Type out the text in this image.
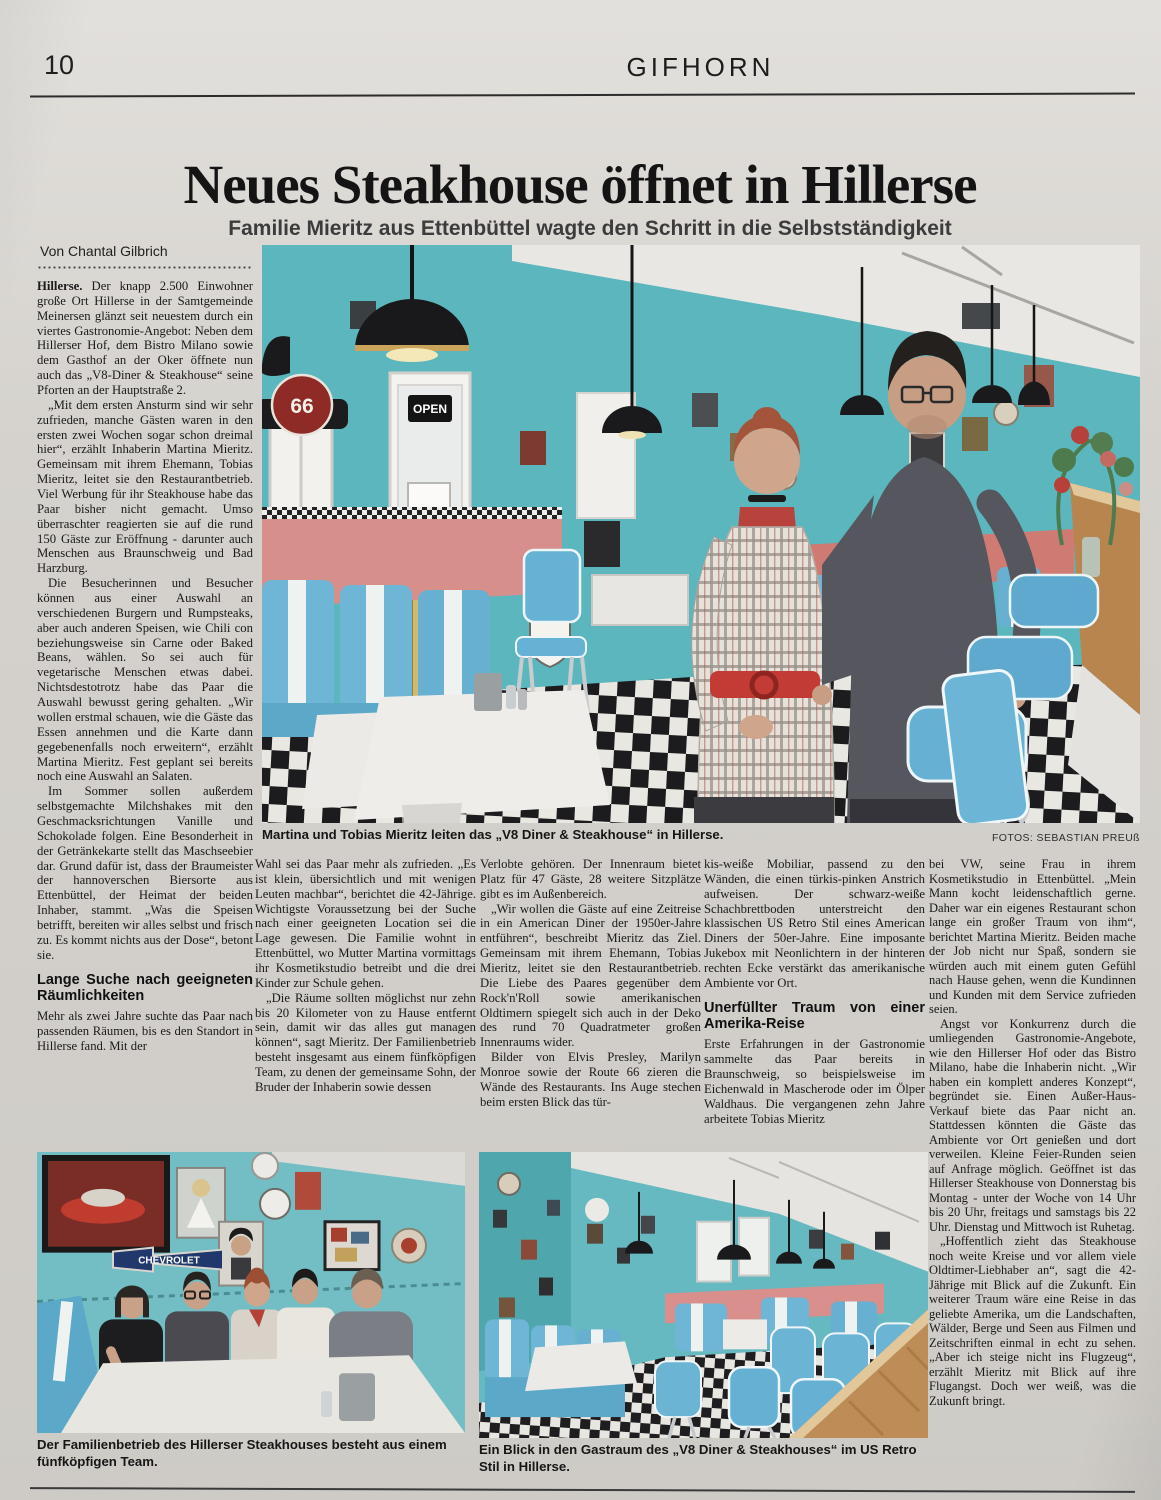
10	GIFHORN
Neues Steakhouse öffnet in Hillerse
Familie Mieritz aus Ettenbüttel wagte den Schritt in die Selbstständigkeit
Von Chantal Gilbrich

Hillerse. Der knapp 2.500 Einwohner große Ort Hillerse in der Samtgemeinde Meinersen glänzt seit neuestem durch ein viertes Gastronomie-Angebot: Neben dem Hillerser Hof, dem Bistro Milano sowie dem Gasthof an der Oker öffnete nun auch das „V8-Diner & Steakhouse“ seine Pforten an der Hauptstraße 2.

„Mit dem ersten Ansturm sind wir sehr zufrieden, manche Gästen waren in den ersten zwei Wochen sogar schon dreimal hier“, erzählt Inhaberin Martina Mieritz. Gemeinsam mit ihrem Ehemann, Tobias Mieritz, leitet sie den Restaurantbetrieb. Viel Werbung für ihr Steakhouse habe das Paar bisher nicht gemacht. Umso überraschter reagierten sie auf die rund 150 Gäste zur Eröffnung - darunter auch Menschen aus Braunschweig und Bad Harzburg.

Die Besucherinnen und Besucher können aus einer Auswahl an verschiedenen Burgern und Rumpsteaks, aber auch anderen Speisen, wie Chili con beziehungsweise sin Carne oder Baked Beans, wählen. So sei auch für vegetarische Menschen etwas dabei. Nichtsdestotrotz habe das Paar die Auswahl bewusst gering gehalten. „Wir wollen erstmal schauen, wie die Gäste das Essen annehmen und die Karte dann gegebenenfalls noch erweitern“, erzählt Martina Mieritz. Fest geplant sei bereits noch eine Auswahl an Salaten.

Im Sommer sollen außerdem selbstgemachte Milchshakes mit den Geschmacksrichtungen Vanille und Schokolade folgen. Eine Besonderheit in der Getränkekarte stellt das Maschseebier dar. Grund dafür ist, dass der Braumeister der hannoverschen Biersorte aus Ettenbüttel, der Heimat der beiden Inhaber, stammt. „Was die Speisen betrifft, bereiten wir alles selbst und frisch zu. Es kommt nichts aus der Dose“, betont sie.

Lange Suche nach geeigneten Räumlichkeiten

Mehr als zwei Jahre suchte das Paar nach passenden Räumen, bis es den Standort in Hillerse fand. Mit der

OPEN
66
Martina und Tobias Mieritz leiten das „V8 Diner & Steakhouse“ in Hillerse.	FOTOS: SEBASTIAN PREUß

Wahl sei das Paar mehr als zufrieden. „Es ist klein, übersichtlich und mit wenigen Leuten machbar“, berichtet die 42-Jährige. Wichtigste Voraussetzung bei der Suche nach einer geeigneten Location sei die Lage gewesen. Die Familie wohnt in Ettenbüttel, wo Mutter Martina vormittags ihr Kosmetikstudio betreibt und die drei Kinder zur Schule gehen.

„Die Räume sollten möglichst nur zehn bis 20 Kilometer von zu Hause entfernt sein, damit wir das alles gut managen können“, sagt Mieritz. Der Familienbetrieb besteht insgesamt aus einem fünfköpfigen Team, zu denen der gemeinsame Sohn, der Bruder der Inhaberin sowie dessen

Verlobte gehören. Der Innenraum bietet Platz für 47 Gäste, 28 weitere Sitzplätze gibt es im Außenbereich.

„Wir wollen die Gäste auf eine Zeitreise in ein American Diner der 1950er-Jahre entführen“, beschreibt Mieritz das Ziel. Gemeinsam mit ihrem Ehemann, Tobias Mieritz, leitet sie den Restaurantbetrieb. Die Liebe des Paares gegenüber dem Rock'n'Roll sowie amerikanischen Oldtimern spiegelt sich auch in der Deko des rund 70 Quadratmeter großen Innenraums wider.

Bilder von Elvis Presley, Marilyn Monroe sowie der Route 66 zieren die Wände des Restaurants. Ins Auge stechen beim ersten Blick das tür-

kis-weiße Mobiliar, passend zu den Wänden, die einen türkis-pinken Anstrich aufweisen. Der schwarz-weiße Schachbrettboden unterstreicht den klassischen US Retro Stil eines American Diners der 50er-Jahre. Eine imposante Jukebox mit Neonlichtern in der hinteren rechten Ecke verstärkt das amerikanische Ambiente vor Ort.

Unerfüllter Traum von einer Amerika-Reise

Erste Erfahrungen in der Gastronomie sammelte das Paar bereits in Braunschweig, so beispielsweise im Eichenwald in Mascherode oder im Ölper Waldhaus. Die vergangenen zehn Jahre arbeitete Tobias Mieritz

bei VW, seine Frau in ihrem Kosmetikstudio in Ettenbüttel. „Mein Mann kocht leidenschaftlich gerne. Daher war ein eigenes Restaurant schon lange ein großer Traum von ihm“, berichtet Martina Mieritz. Beiden mache der Job nicht nur Spaß, sondern sie würden auch mit einem guten Gefühl nach Hause gehen, wenn die Kundinnen und Kunden mit dem Service zufrieden seien.

Angst vor Konkurrenz durch die umliegenden Gastronomie-Angebote, wie den Hillerser Hof oder das Bistro Milano, habe die Inhaberin nicht. „Wir haben ein komplett anderes Konzept“, begründet sie. Einen Außer-Haus-Verkauf biete das Paar nicht an. Stattdessen könnten die Gäste das Ambiente vor Ort genießen und dort verweilen. Kleine Feier-Runden seien auf Anfrage möglich. Geöffnet ist das Hillerser Steakhouse von Donnerstag bis Montag - unter der Woche von 14 Uhr bis 20 Uhr, freitags und samstags bis 22 Uhr. Dienstag und Mittwoch ist Ruhetag.

„Hoffentlich zieht das Steakhouse noch weite Kreise und vor allem viele Oldtimer-Liebhaber an“, sagt die 42-Jährige mit Blick auf die Zukunft. Ein weiterer Traum wäre eine Reise in das geliebte Amerika, um die Landschaften, Wälder, Berge und Seen aus Filmen und Zeitschriften einmal in echt zu sehen. „Aber ich steige nicht ins Flugzeug“, erzählt Mieritz mit Blick auf ihre Flugangst. Doch wer weiß, was die Zukunft bringt.

CHEVROLET
Der Familienbetrieb des Hillerser Steakhouses besteht aus einem fünfköpfigen Team.
Ein Blick in den Gastraum des „V8 Diner & Steakhouses“ im US Retro Stil in Hillerse.
